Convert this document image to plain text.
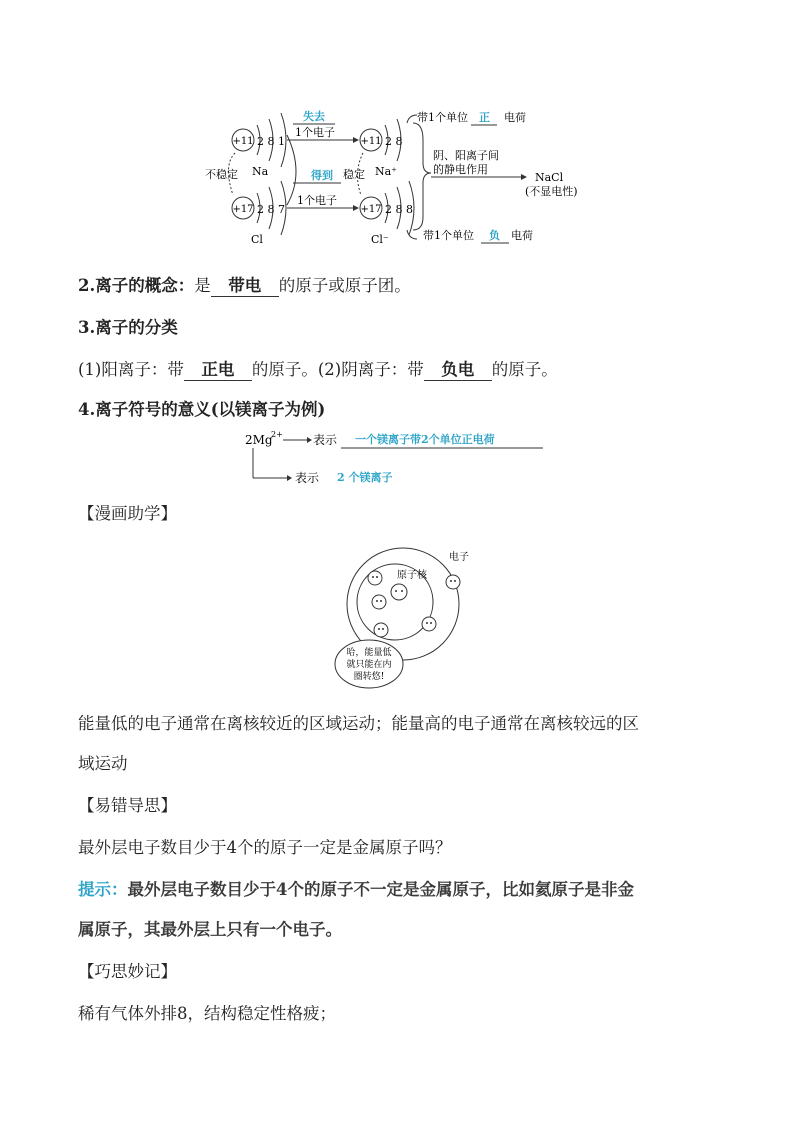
+11 2 8 1
Na
不稳定
+17 2 8 7
Cl
失去
1个电子
得到
1个电子
+11 2 8
Na⁺
稳定
+17 2 8 8
Cl⁻
带1个单位 正 电荷
带1个单位 负 电荷
阴、阳离子间
的静电作用
NaCl
(不显电性)
2.离子的概念：是 带电 的原子或原子团。
3.离子的分类
(1)阳离子：带 正电 的原子。(2)阴离子：带 负电 的原子。
4.离子符号的意义(以镁离子为例)
2Mg
2+	表示 一个镁离子带2个单位正电荷
表示 2 个镁离子
【漫画助学】
原子核
电子
哈，能量低
就只能在内
圈转悠!
能量低的电子通常在离核较近的区域运动；能量高的电子通常在离核较远的区
域运动
【易错导思】
最外层电子数目少于4个的原子一定是金属原子吗？
提示：最外层电子数目少于4个的原子不一定是金属原子，比如氦原子是非金
属原子，其最外层上只有一个电子。
【巧思妙记】
稀有气体外排8，结构稳定性格疲；
